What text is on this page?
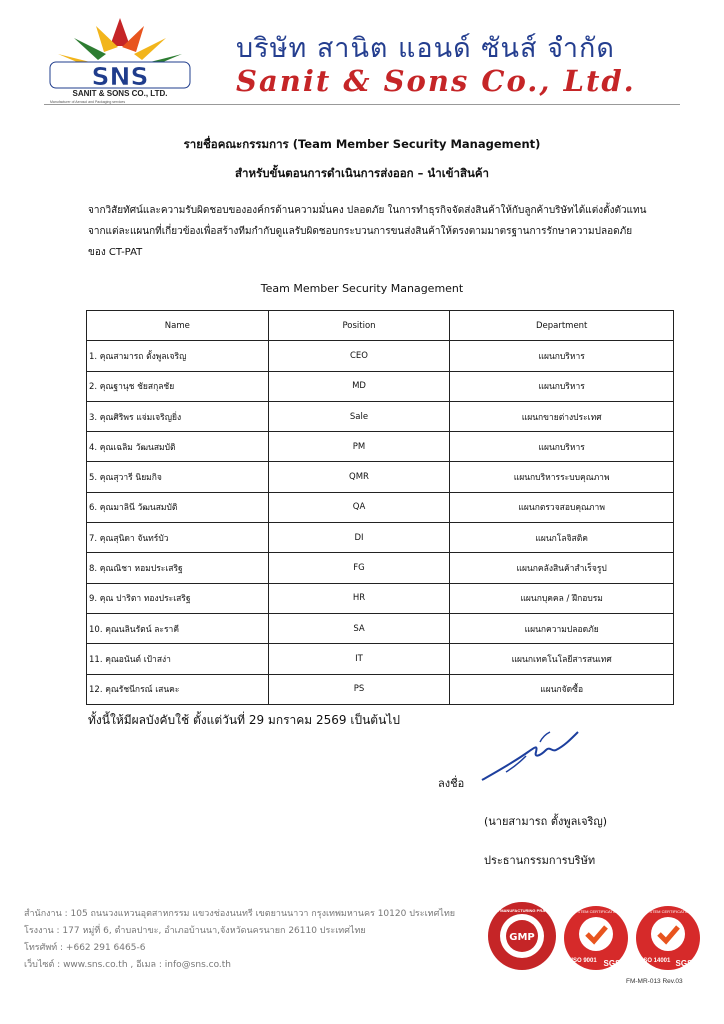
SNS
SANIT & SONS CO., LTD.
Manufacturer of Aerosol and Packaging services
บริษัท สานิต แอนด์ ซันส์ จำกัด
Sanit & Sons Co., Ltd.
รายชื่อคณะกรรมการ (Team Member Security Management)
สำหรับขั้นตอนการดำเนินการส่งออก – นำเข้าสินค้า
จากวิสัยทัศน์และความรับผิดชอบขององค์กรด้านความมั่นคง ปลอดภัย ในการทำธุรกิจจัดส่งสินค้าให้กับลูกค้าบริษัทได้แต่งตั้งตัวแทน
จากแต่ละแผนกที่เกี่ยวข้องเพื่อสร้างทีมกำกับดูแลรับผิดชอบกระบวนการขนส่งสินค้าให้ตรงตามมาตรฐานการรักษาความปลอดภัย
ของ CT-PAT
Team Member Security Management
Name	Position	Department
1. คุณสามารถ ตั้งพูลเจริญ	CEO	แผนกบริหาร
2. คุณฐานุช ชัยสกุลชัย	MD	แผนกบริหาร
3. คุณศิริพร แจ่มเจริญยิ่ง	Sale	แผนกขายต่างประเทศ
4. คุณเฉลิม วัฒนสมบัติ	PM	แผนกบริหาร
5. คุณสุวารี นิยมกิจ	QMR	แผนกบริหารระบบคุณภาพ
6. คุณมาลินี วัฒนสมบัติ	QA	แผนกตรวจสอบคุณภาพ
7. คุณสุนิดา จันทร์บัว	DI	แผนกโลจิสติค
8. คุณณิชา หอมประเสริฐ	FG	แผนกคลังสินค้าสำเร็จรูป
9. คุณ ปาริตา ทองประเสริฐ	HR	แผนกบุคคล / ฝึกอบรม
10. คุณนลินรัตน์ ละราคี	SA	แผนกความปลอดภัย
11. คุณอนันต์ เป้าสง่า	IT	แผนกเทคโนโลยีสารสนเทศ
12. คุณรัชนีกรณ์ เสนคะ	PS	แผนกจัดซื้อ
ทั้งนี้ให้มีผลบังคับใช้ ตั้งแต่วันที่ 29 มกราคม 2569 เป็นต้นไป
ลงชื่อ
(นายสามารถ ตั้งพูลเจริญ)
ประธานกรรมการบริษัท
สำนักงาน : 105 ถนนวงแหวนอุตสาหกรรม แขวงช่องนนทรี เขตยานนาวา กรุงเทพมหานคร 10120 ประเทศไทย
โรงงาน : 177 หมู่ที่ 6, ตำบลปาขะ, อำเภอบ้านนา,จังหวัดนครนายก 26110 ประเทศไทย
โทรศัพท์ : +662 291 6465-6
เว็บไซต์ : www.sns.co.th , อีเมล : info@sns.co.th
GMP
GOOD MANUFACTURING PRACTICE	SYSTEM CERTIFICATION
ISO 9001 SGS
SYSTEM CERTIFICATION
ISO 14001 SGS
FM-MR-013 Rev.03
